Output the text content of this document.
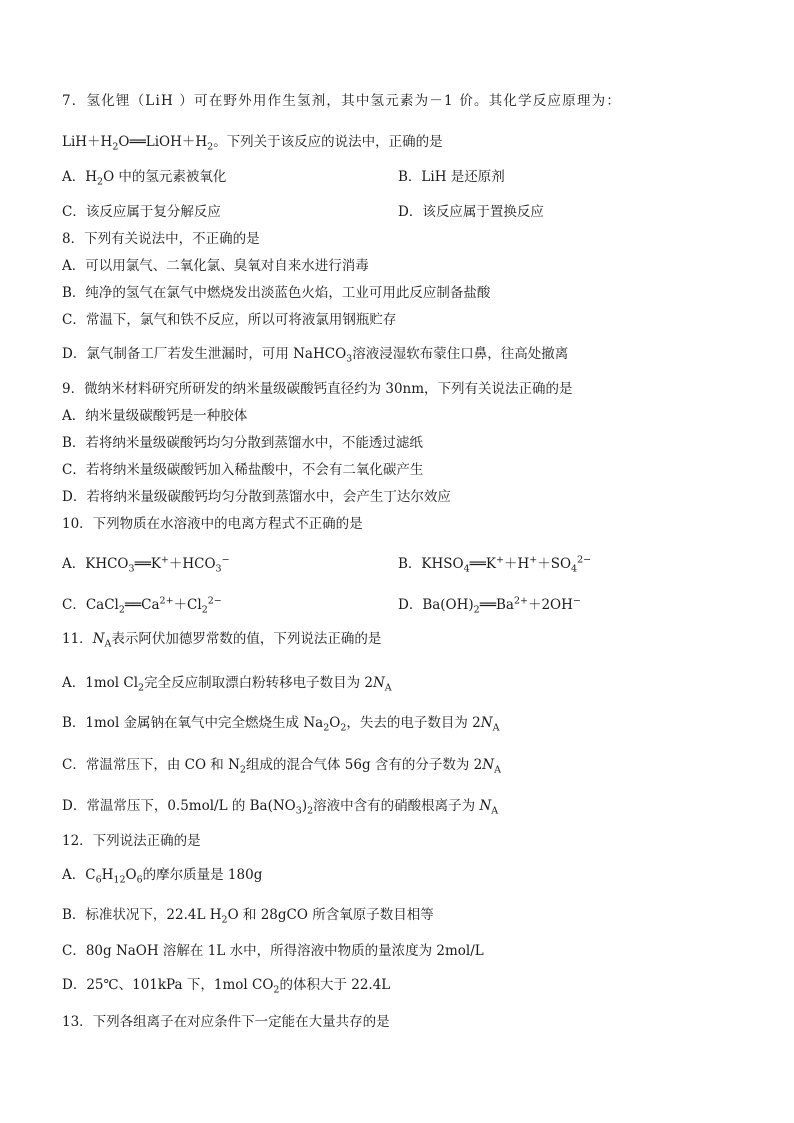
7．氢化锂（LiH ）可在野外用作生氢剂，其中氢元素为－1 价。其化学反应原理为：
$LiH+H_2O══LiOH+H_2$。下列关于该反应的说法中，正确的是
A．$H_2O$ 中的氢元素被氧化	B．LiH 是还原剂
C．该反应属于复分解反应	D．该反应属于置换反应
8．下列有关说法中，不正确的是
A．可以用氯气、二氧化氯、臭氧对自来水进行消毒
B．纯净的氢气在氯气中燃烧发出淡蓝色火焰，工业可用此反应制备盐酸
C．常温下，氯气和铁不反应，所以可将液氯用钢瓶贮存
D．氯气制备工厂若发生泄漏时，可用 NaHCO$_3$溶液浸湿软布蒙住口鼻，往高处撤离
9．微纳米材料研究所研发的纳米量级碳酸钙直径约为 30nm，下列有关说法正确的是
A．纳米量级碳酸钙是一种胶体
B．若将纳米量级碳酸钙均匀分散到蒸馏水中，不能透过滤纸
C．若将纳米量级碳酸钙加入稀盐酸中，不会有二氧化碳产生
D．若将纳米量级碳酸钙均匀分散到蒸馏水中，会产生丁达尔效应
10．下列物质在水溶液中的电离方程式不正确的是
A．$KHCO_3══K^++HCO_3^-$	B．$KHSO_4══K^++H^++SO_4^{2-}$
C．$CaCl_2══Ca^{2+}+Cl_2^{2-}$	D．$Ba(OH)_2══Ba^{2+}+2OH^-$
11．$N_A$表示阿伏加德罗常数的值，下列说法正确的是
A．1mol $Cl_2$完全反应制取漂白粉转移电子数目为 $2N_A$
B．1mol 金属钠在氧气中完全燃烧生成 $Na_2O_2$，失去的电子数目为 $2N_A$
C．常温常压下，由 CO 和 $N_2$组成的混合气体 56g 含有的分子数为 $2N_A$
D．常温常压下，0.5mol/L 的 $Ba(NO_3)_2$溶液中含有的硝酸根离子为 $N_A$
12．下列说法正确的是
A．$C_6H_{12}O_6$的摩尔质量是 180g
B．标准状况下，22.4L $H_2O$ 和 28gCO 所含氧原子数目相等
C．80g NaOH 溶解在 1L 水中，所得溶液中物质的量浓度为 2mol/L
D．25℃、101kPa 下，1mol $CO_2$的体积大于 22.4L
13．下列各组离子在对应条件下一定能在大量共存的是
